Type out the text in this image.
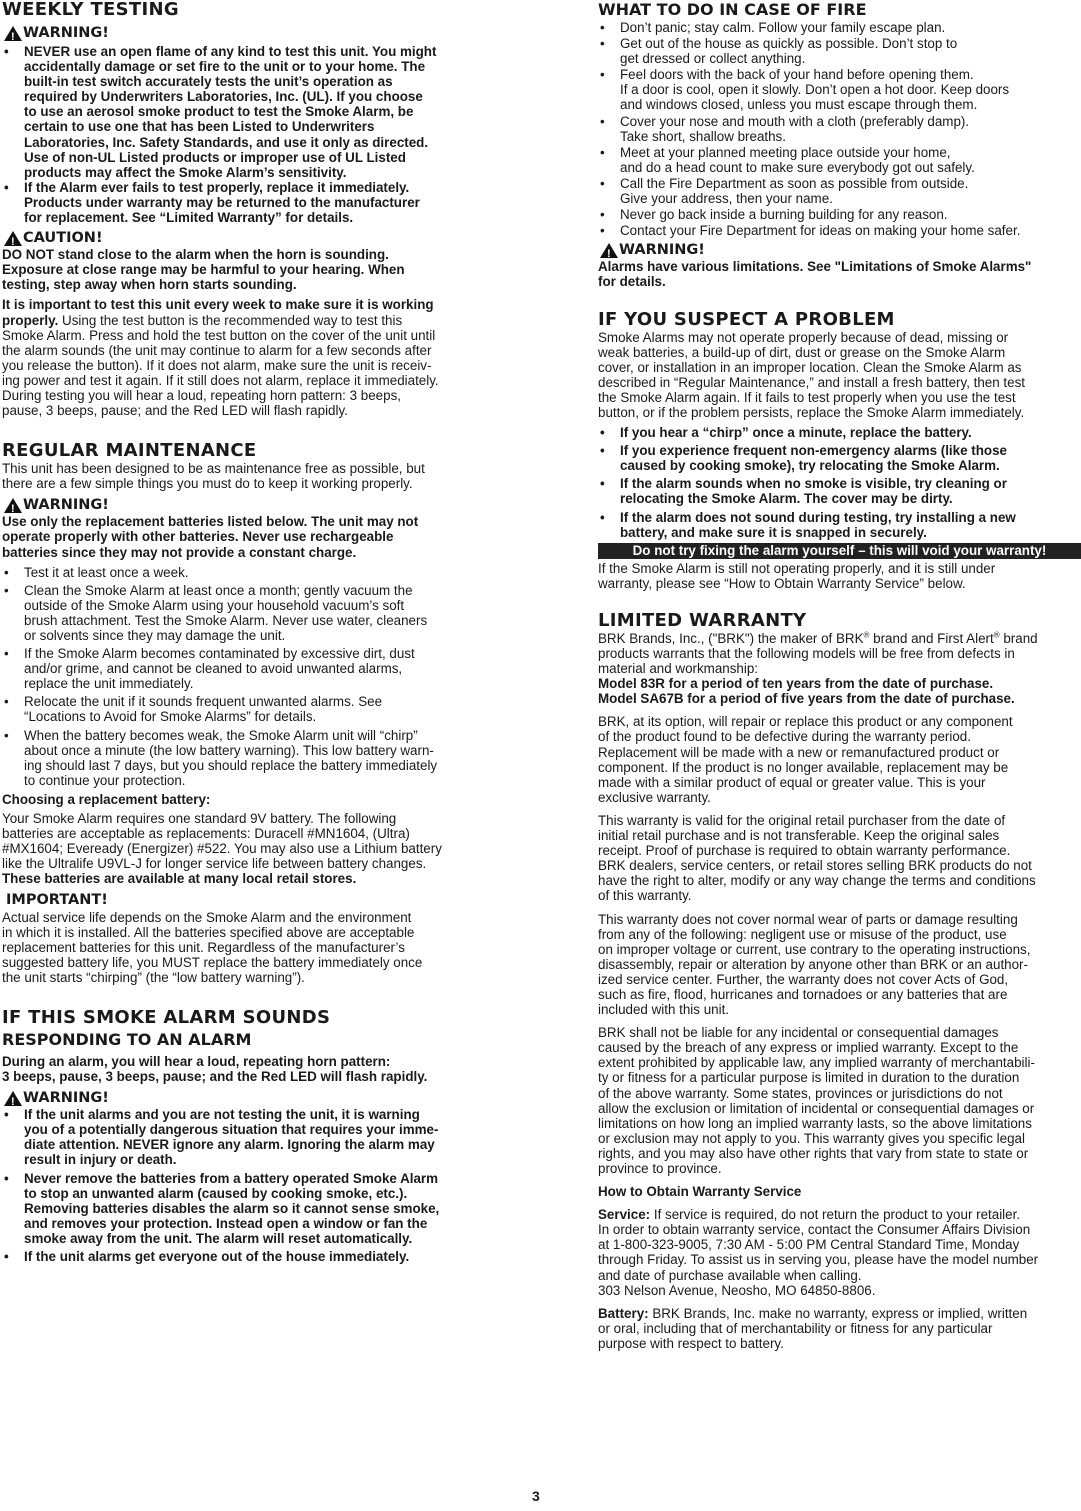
WEEKLY TESTING
!
WARNING!
• NEVER use an open flame of any kind to test this unit. You might
accidentally damage or set fire to the unit or to your home. The
built-in test switch accurately tests the unit’s operation as
required by Underwriters Laboratories, Inc. (UL). If you choose
to use an aerosol smoke product to test the Smoke Alarm, be
certain to use one that has been Listed to Underwriters
Laboratories, Inc. Safety Standards, and use it only as directed.
Use of non-UL Listed products or improper use of UL Listed
products may affect the Smoke Alarm’s sensitivity.
• If the Alarm ever fails to test properly, replace it immediately.
Products under warranty may be returned to the manufacturer
for replacement. See “Limited Warranty” for details.
!
CAUTION!

DO NOT stand close to the alarm when the horn is sounding.
Exposure at close range may be harmful to your hearing. When
testing, step away when horn starts sounding.

It is important to test this unit every week to make sure it is working
properly. Using the test button is the recommended way to test this
Smoke Alarm. Press and hold the test button on the cover of the unit until
the alarm sounds (the unit may continue to alarm for a few seconds after
you release the button). If it does not alarm, make sure the unit is receiv-
ing power and test it again. If it still does not alarm, replace it immediately.
During testing you will hear a loud, repeating horn pattern: 3 beeps,
pause, 3 beeps, pause; and the Red LED will flash rapidly.

REGULAR MAINTENANCE

This unit has been designed to be as maintenance free as possible, but
there are a few simple things you must do to keep it working properly.

!
WARNING!

Use only the replacement batteries listed below. The unit may not
operate properly with other batteries. Never use rechargeable
batteries since they may not provide a constant charge.

• Test it at least once a week.
• Clean the Smoke Alarm at least once a month; gently vacuum the
outside of the Smoke Alarm using your household vacuum’s soft
brush attachment. Test the Smoke Alarm. Never use water, cleaners
or solvents since they may damage the unit.
• If the Smoke Alarm becomes contaminated by excessive dirt, dust
and/or grime, and cannot be cleaned to avoid unwanted alarms,
replace the unit immediately.
• Relocate the unit if it sounds frequent unwanted alarms. See
“Locations to Avoid for Smoke Alarms” for details.
• When the battery becomes weak, the Smoke Alarm unit will “chirp”
about once a minute (the low battery warning). This low battery warn-
ing should last 7 days, but you should replace the battery immediately
to continue your protection.

Choosing a replacement battery:

Your Smoke Alarm requires one standard 9V battery. The following
batteries are acceptable as replacements: Duracell #MN1604, (Ultra)
#MX1604; Eveready (Energizer) #522. You may also use a Lithium battery
like the Ultralife U9VL-J for longer service life between battery changes.

These batteries are available at many local retail stores.

IMPORTANT!

Actual service life depends on the Smoke Alarm and the environment
in which it is installed. All the batteries specified above are acceptable
replacement batteries for this unit. Regardless of the manufacturer’s
suggested battery life, you MUST replace the battery immediately once
the unit starts “chirping” (the “low battery warning”).

IF THIS SMOKE ALARM SOUNDS
RESPONDING TO AN ALARM

During an alarm, you will hear a loud, repeating horn pattern:
3 beeps, pause, 3 beeps, pause; and the Red LED will flash rapidly.

!
WARNING!
• If the unit alarms and you are not testing the unit, it is warning
you of a potentially dangerous situation that requires your imme-
diate attention. NEVER ignore any alarm. Ignoring the alarm may
result in injury or death.
• Never remove the batteries from a battery operated Smoke Alarm
to stop an unwanted alarm (caused by cooking smoke, etc.).
Removing batteries disables the alarm so it cannot sense smoke,
and removes your protection. Instead open a window or fan the
smoke away from the unit. The alarm will reset automatically.
• If the unit alarms get everyone out of the house immediately.
WHAT TO DO IN CASE OF FIRE
• Don’t panic; stay calm. Follow your family escape plan.
• Get out of the house as quickly as possible. Don’t stop to
get dressed or collect anything.
• Feel doors with the back of your hand before opening them.
If a door is cool, open it slowly. Don’t open a hot door. Keep doors
and windows closed, unless you must escape through them.
• Cover your nose and mouth with a cloth (preferably damp).
Take short, shallow breaths.
• Meet at your planned meeting place outside your home,
and do a head count to make sure everybody got out safely.
• Call the Fire Department as soon as possible from outside.
Give your address, then your name.
• Never go back inside a burning building for any reason.
• Contact your Fire Department for ideas on making your home safer.
!
WARNING!

Alarms have various limitations. See "Limitations of Smoke Alarms"
for details.

IF YOU SUSPECT A PROBLEM

Smoke Alarms may not operate properly because of dead, missing or
weak batteries, a build-up of dirt, dust or grease on the Smoke Alarm
cover, or installation in an improper location. Clean the Smoke Alarm as
described in “Regular Maintenance,” and install a fresh battery, then test
the Smoke Alarm again. If it fails to test properly when you use the test
button, or if the problem persists, replace the Smoke Alarm immediately.

• If you hear a “chirp” once a minute, replace the battery.
• If you experience frequent non-emergency alarms (like those
caused by cooking smoke), try relocating the Smoke Alarm.
• If the alarm sounds when no smoke is visible, try cleaning or
relocating the Smoke Alarm. The cover may be dirty.
• If the alarm does not sound during testing, try installing a new
battery, and make sure it is snapped in securely.
Do not try fixing the alarm yourself – this will void your warranty!

If the Smoke Alarm is still not operating properly, and it is still under
warranty, please see “How to Obtain Warranty Service” below.

LIMITED WARRANTY

BRK Brands, Inc., ("BRK") the maker of BRK® brand and First Alert® brand
products warrants that the following models will be free from defects in
material and workmanship:

Model 83R for a period of ten years from the date of purchase.
Model SA67B for a period of five years from the date of purchase.

BRK, at its option, will repair or replace this product or any component
of the product found to be defective during the warranty period.
Replacement will be made with a new or remanufactured product or
component. If the product is no longer available, replacement may be
made with a similar product of equal or greater value. This is your
exclusive warranty.

This warranty is valid for the original retail purchaser from the date of
initial retail purchase and is not transferable. Keep the original sales
receipt. Proof of purchase is required to obtain warranty performance.
BRK dealers, service centers, or retail stores selling BRK products do not
have the right to alter, modify or any way change the terms and conditions
of this warranty.

This warranty does not cover normal wear of parts or damage resulting
from any of the following: negligent use or misuse of the product, use
on improper voltage or current, use contrary to the operating instructions,
disassembly, repair or alteration by anyone other than BRK or an author-
ized service center. Further, the warranty does not cover Acts of God,
such as fire, flood, hurricanes and tornadoes or any batteries that are
included with this unit.

BRK shall not be liable for any incidental or consequential damages
caused by the breach of any express or implied warranty. Except to the
extent prohibited by applicable law, any implied warranty of merchantabili-
ty or fitness for a particular purpose is limited in duration to the duration
of the above warranty. Some states, provinces or jurisdictions do not
allow the exclusion or limitation of incidental or consequential damages or
limitations on how long an implied warranty lasts, so the above limitations
or exclusion may not apply to you. This warranty gives you specific legal
rights, and you may also have other rights that vary from state to state or
province to province.

How to Obtain Warranty Service

Service: If service is required, do not return the product to your retailer.
In order to obtain warranty service, contact the Consumer Affairs Division
at 1-800-323-9005, 7:30 AM - 5:00 PM Central Standard Time, Monday
through Friday. To assist us in serving you, please have the model number
and date of purchase available when calling.
303 Nelson Avenue, Neosho, MO 64850-8806.

Battery: BRK Brands, Inc. make no warranty, express or implied, written
or oral, including that of merchantability or fitness for any particular
purpose with respect to battery.

3
